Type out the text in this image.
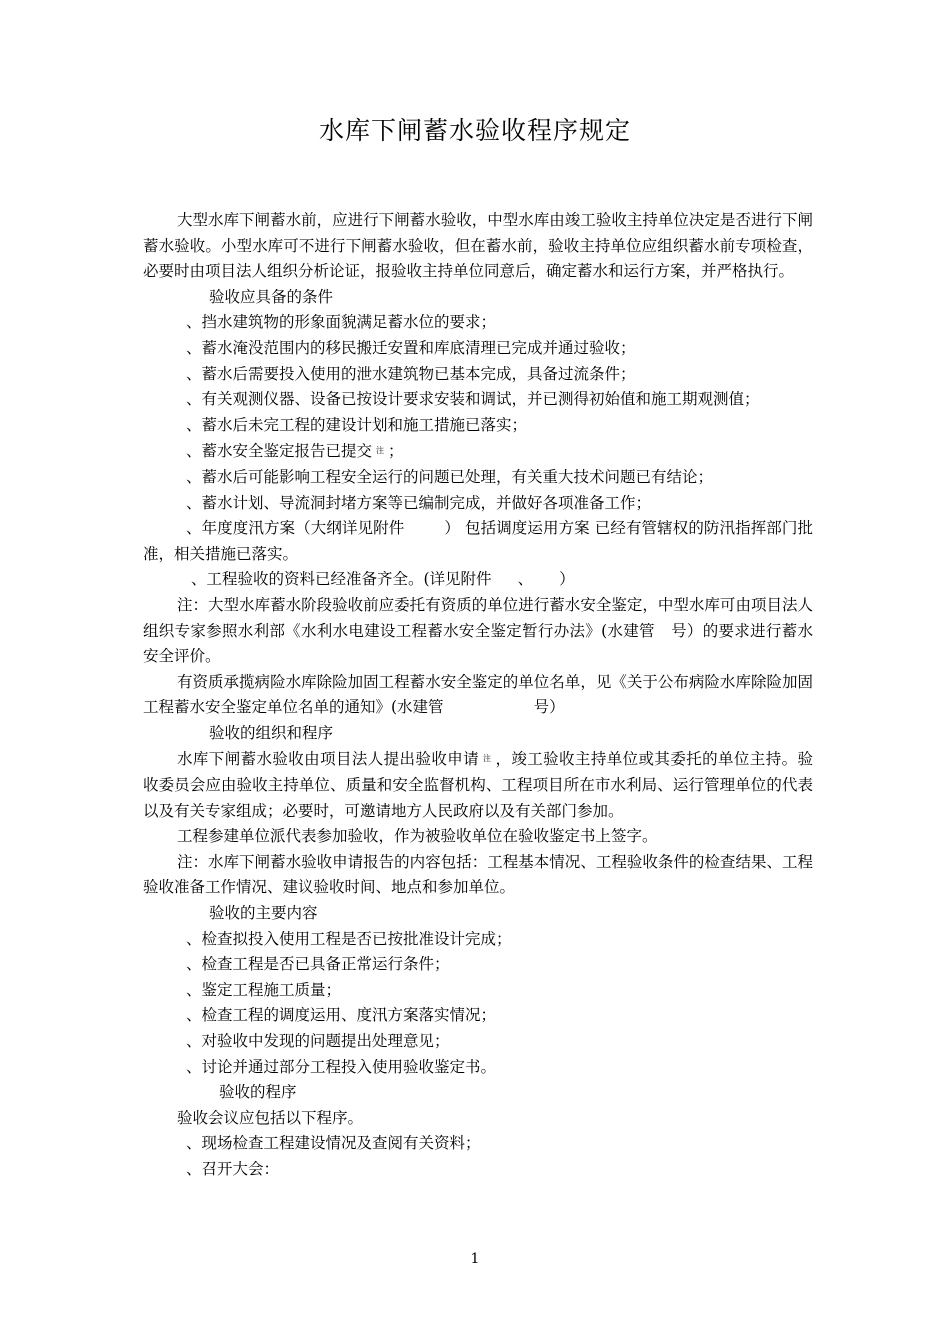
水库下闸蓄水验收程序规定

大型水库下闸蓄水前，应进行下闸蓄水验收，中型水库由竣工验收主持单位决定是否进行下闸蓄水验收。小型水库可不进行下闸蓄水验收，但在蓄水前，验收主持单位应组织蓄水前专项检查，必要时由项目法人组织分析论证，报验收主持单位同意后，确定蓄水和运行方案，并严格执行。

验收应具备的条件

、挡水建筑物的形象面貌满足蓄水位的要求；

、蓄水淹没范围内的移民搬迁安置和库底清理已完成并通过验收；

、蓄水后需要投入使用的泄水建筑物已基本完成，具备过流条件；

、有关观测仪器、设备已按设计要求安装和调试，并已测得初始值和施工期观测值；

、蓄水后未完工程的建设计划和施工措施已落实；

、蓄水安全鉴定报告已提交 注 ；

、蓄水后可能影响工程安全运行的问题已处理，有关重大技术问题已有结论；

、蓄水计划、导流洞封堵方案等已编制完成，并做好各项准备工作；

、年度度汛方案（大纲详见附件	） 包括调度运用方案 已经有管辖权的防汛指挥部门批准，相关措施已落实。

、工程验收的资料已经准备齐全。(详见附件 、 ）

注：大型水库蓄水阶段验收前应委托有资质的单位进行蓄水安全鉴定，中型水库可由项目法人组织专家参照水利部《水利水电建设工程蓄水安全鉴定暂行办法》(水建管 号）的要求进行蓄水安全评价。

有资质承揽病险水库除险加固工程蓄水安全鉴定的单位名单，见《关于公布病险水库除险加固工程蓄水安全鉴定单位名单的通知》(水建管	号）

验收的组织和程序

水库下闸蓄水验收由项目法人提出验收申请 注 ，竣工验收主持单位或其委托的单位主持。验收委员会应由验收主持单位、质量和安全监督机构、工程项目所在市水利局、运行管理单位的代表以及有关专家组成；必要时，可邀请地方人民政府以及有关部门参加。

工程参建单位派代表参加验收，作为被验收单位在验收鉴定书上签字。

注：水库下闸蓄水验收申请报告的内容包括：工程基本情况、工程验收条件的检查结果、工程验收准备工作情况、建议验收时间、地点和参加单位。

验收的主要内容

、检查拟投入使用工程是否已按批准设计完成；

、检查工程是否已具备正常运行条件；

、鉴定工程施工质量；

、检查工程的调度运用、度汛方案落实情况；

、对验收中发现的问题提出处理意见；

、讨论并通过部分工程投入使用验收鉴定书。

验收的程序

验收会议应包括以下程序。

、现场检查工程建设情况及查阅有关资料；

、召开大会：

1
